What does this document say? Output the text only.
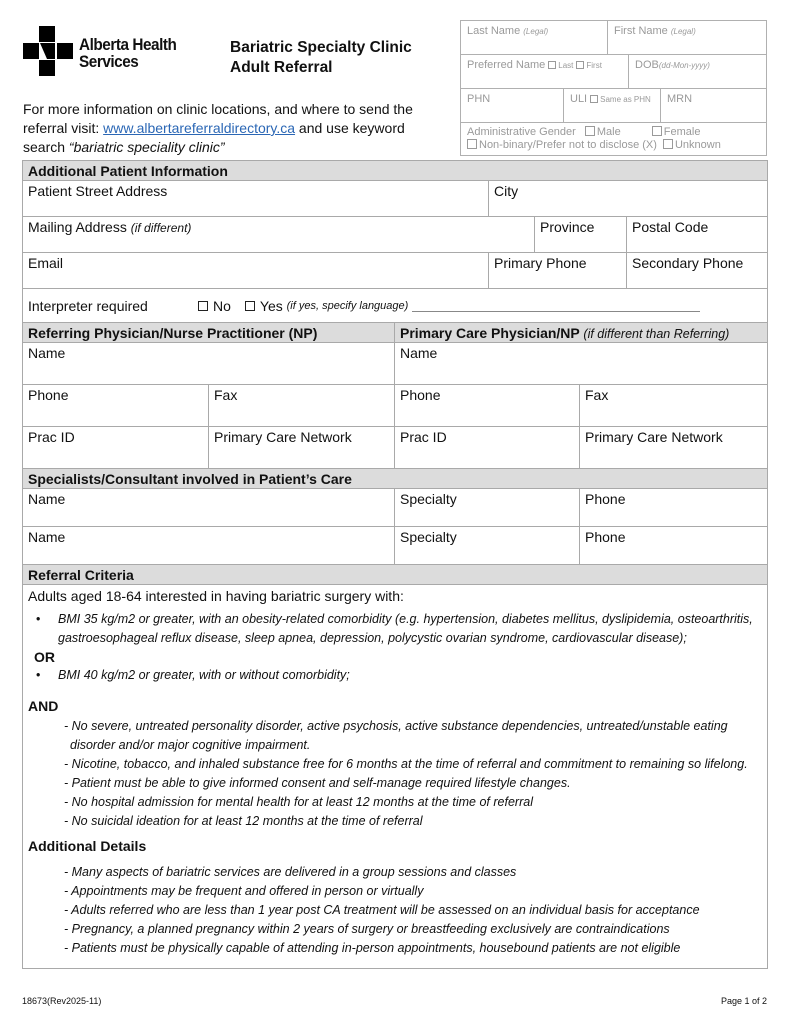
Alberta Health
Services
Bariatric Specialty Clinic
Adult Referral
For more information on clinic locations, and where to send the referral visit: www.albertareferraldirectory.ca and use keyword search “bariatric speciality clinic”
Last Name (Legal)	First Name (Legal)
Preferred Name Last First	DOB(dd-Mon-yyyy)
PHN	ULI Same as PHN	MRN
Administrative Gender Male	Female
Non-binary/Prefer not to disclose (X) Unknown
Additional Patient Information
Patient Street Address	City
Mailing Address (if different)	Province	Postal Code
Email	Primary Phone	Secondary Phone
Interpreter required	No Yes
(if yes, specify language)
Referring Physician/Nurse Practitioner (NP)	Primary Care Physician/NP (if different than Referring)
Name	Name
Phone	Fax	Phone	Fax
Prac ID	Primary Care Network	Prac ID	Primary Care Network
Specialists/Consultant involved in Patient’s Care
Name	Specialty	Phone
Name	Specialty	Phone
Referral Criteria
Adults aged 18-64 interested in having bariatric surgery with:
• BMI 35 kg/m2 or greater, with an obesity-related comorbidity (e.g. hypertension, diabetes mellitus, dyslipidemia, osteoarthritis, gastroesophageal reflux disease, sleep apnea, depression, polycystic ovarian syndrome, cardiovascular disease);
OR
• BMI 40 kg/m2 or greater, with or without comorbidity;
AND
- No severe, untreated personality disorder, active psychosis, active substance dependencies, untreated/unstable eating disorder and/or major cognitive impairment.
- Nicotine, tobacco, and inhaled substance free for 6 months at the time of referral and commitment to remaining so lifelong.
- Patient must be able to give informed consent and self-manage required lifestyle changes.
- No hospital admission for mental health for at least 12 months at the time of referral
- No suicidal ideation for at least 12 months at the time of referral
Additional Details
- Many aspects of bariatric services are delivered in a group sessions and classes
- Appointments may be frequent and offered in person or virtually
- Adults referred who are less than 1 year post CA treatment will be assessed on an individual basis for acceptance
- Pregnancy, a planned pregnancy within 2 years of surgery or breastfeeding exclusively are contraindications
- Patients must be physically capable of attending in-person appointments, housebound patients are not eligible
18673(Rev2025-11)	Page 1 of 2
